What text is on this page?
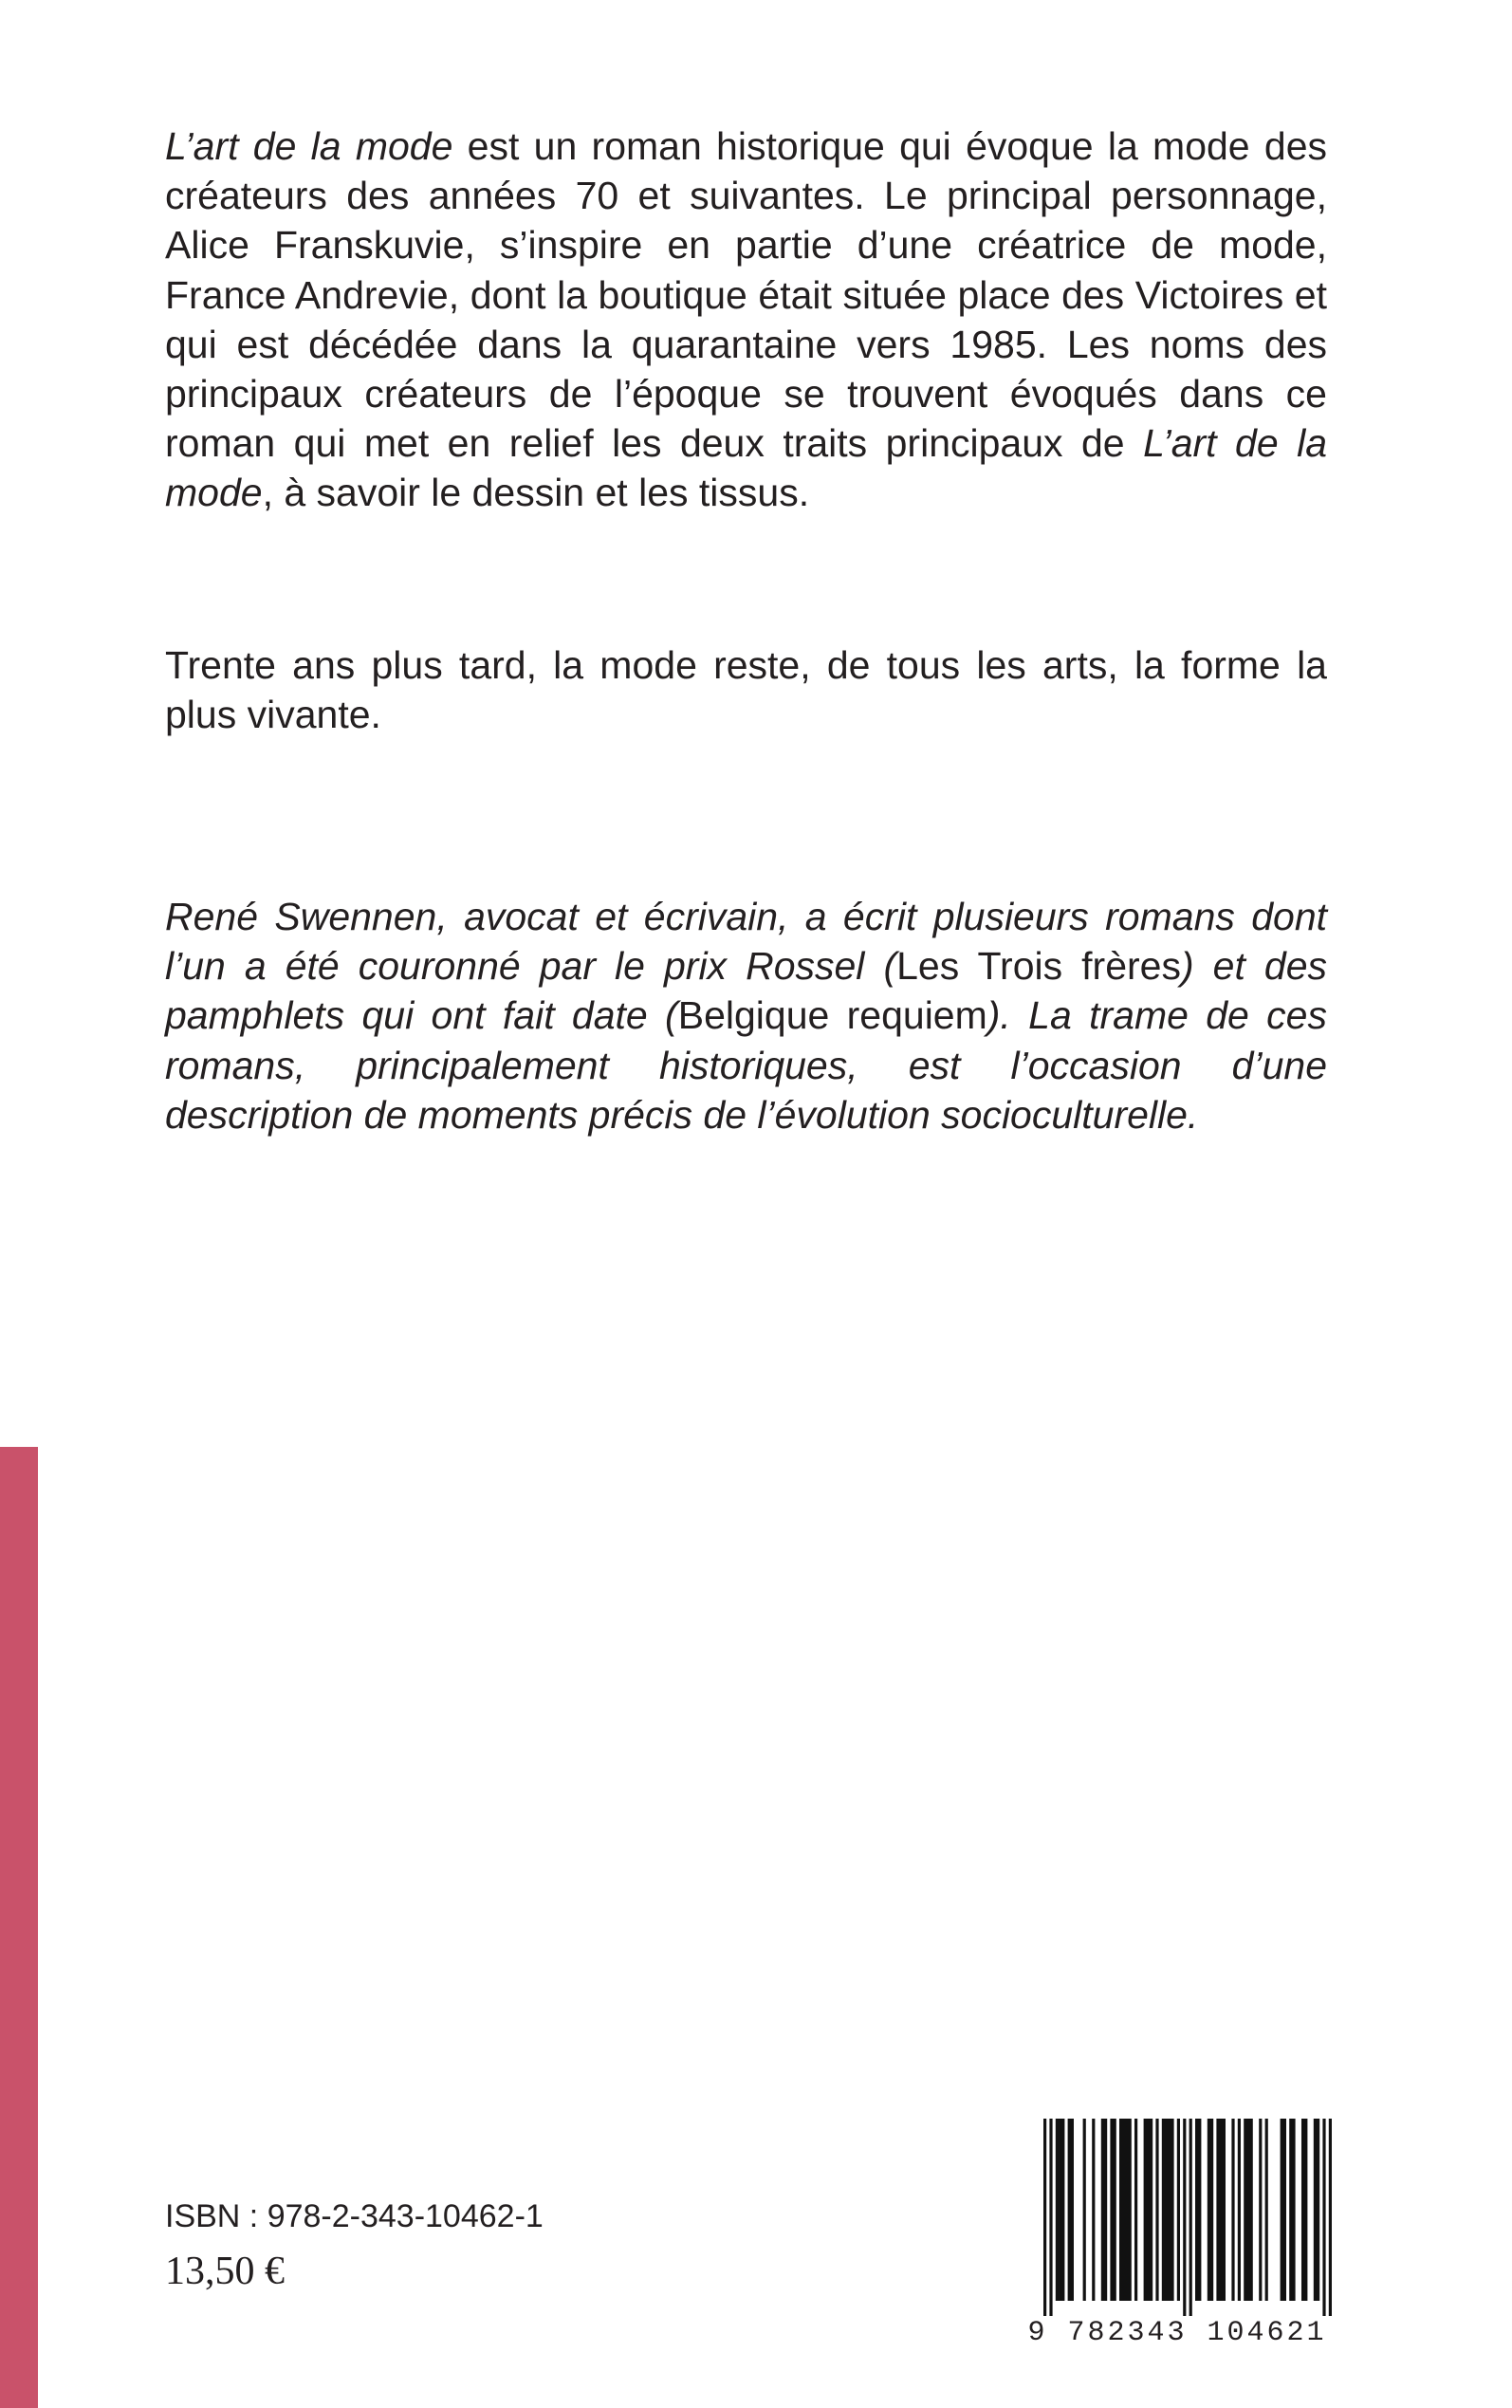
L’art de la mode est un roman historique qui évoque la mode des créateurs des années 70 et suivantes. Le principal personnage, Alice Franskuvie, s’inspire en partie d’une créatrice de mode, France Andrevie, dont la boutique était située place des Victoires et qui est décédée dans la quarantaine vers 1985. Les noms des principaux créateurs de l’époque se trouvent évoqués dans ce roman qui met en relief les deux traits principaux de L’art de la mode, à savoir le dessin et les tissus.

Trente ans plus tard, la mode reste, de tous les arts, la forme la plus vivante.

René Swennen, avocat et écrivain, a écrit plusieurs romans dont l’un a été couronné par le prix Rossel (Les Trois frères) et des pamphlets qui ont fait date (Belgique requiem). La trame de ces romans, principalement historiques, est l’occasion d’une description de moments précis de l’évolution socioculturelle.

ISBN : 978-2-343-10462-1

13,50 €

9 782343 104621
